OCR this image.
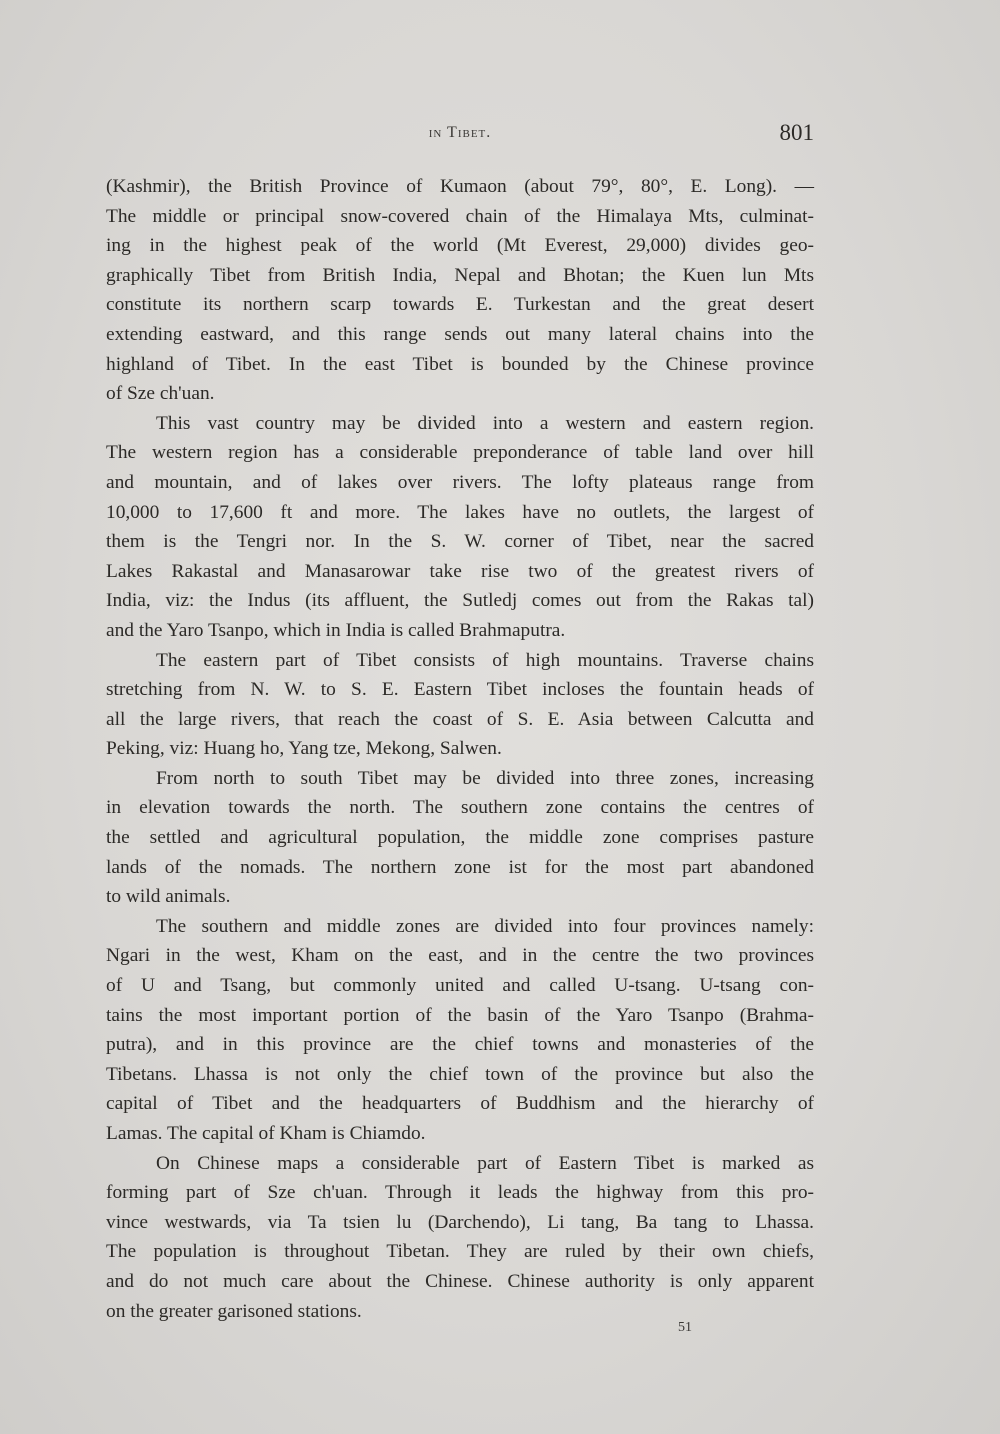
in Tibet.	801

(Kashmir), the British Province of Kumaon (about 79°, 80°, E. Long). —
The middle or principal snow-covered chain of the Himalaya Mts, culminat-
ing in the highest peak of the world (Mt Everest, 29,000) divides geo-
graphically Tibet from British India, Nepal and Bhotan; the Kuen lun Mts
constitute its northern scarp towards E. Turkestan and the great desert
extending eastward, and this range sends out many lateral chains into the
highland of Tibet. In the east Tibet is bounded by the Chinese province
of Sze ch'uan.

This vast country may be divided into a western and eastern region.
The western region has a considerable preponderance of table land over hill
and mountain, and of lakes over rivers. The lofty plateaus range from
10,000 to 17,600 ft and more. The lakes have no outlets, the largest of
them is the Tengri nor. In the S. W. corner of Tibet, near the sacred
Lakes Rakastal and Manasarowar take rise two of the greatest rivers of
India, viz: the Indus (its affluent, the Sutledj comes out from the Rakas tal)
and the Yaro Tsanpo, which in India is called Brahmaputra.

The eastern part of Tibet consists of high mountains. Traverse chains
stretching from N. W. to S. E. Eastern Tibet incloses the fountain heads of
all the large rivers, that reach the coast of S. E. Asia between Calcutta and
Peking, viz: Huang ho, Yang tze, Mekong, Salwen.

From north to south Tibet may be divided into three zones, increasing
in elevation towards the north. The southern zone contains the centres of
the settled and agricultural population, the middle zone comprises pasture
lands of the nomads. The northern zone ist for the most part abandoned
to wild animals.

The southern and middle zones are divided into four provinces namely:
Ngari in the west, Kham on the east, and in the centre the two provinces
of U and Tsang, but commonly united and called U-tsang. U-tsang con-
tains the most important portion of the basin of the Yaro Tsanpo (Brahma-
putra), and in this province are the chief towns and monasteries of the
Tibetans. Lhassa is not only the chief town of the province but also the
capital of Tibet and the headquarters of Buddhism and the hierarchy of
Lamas. The capital of Kham is Chiamdo.

On Chinese maps a considerable part of Eastern Tibet is marked as
forming part of Sze ch'uan. Through it leads the highway from this pro-
vince westwards, via Ta tsien lu (Darchendo), Li tang, Ba tang to Lhassa.
The population is throughout Tibetan. They are ruled by their own chiefs,
and do not much care about the Chinese. Chinese authority is only apparent
on the greater garisoned stations.

51
